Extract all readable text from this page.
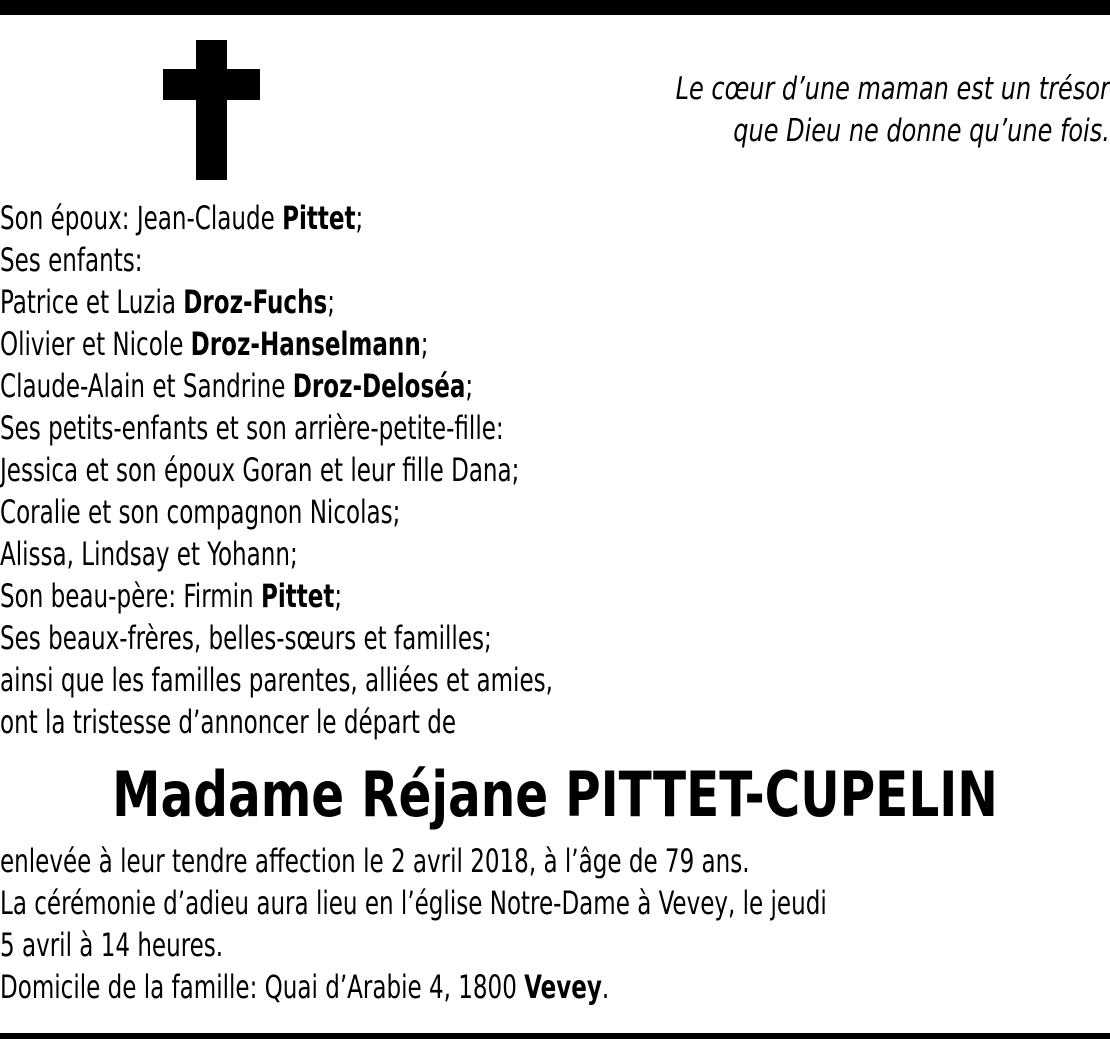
Le cœur d’une maman est un trésor
que Dieu ne donne qu’une fois.
Son époux: Jean-Claude Pittet;
Ses enfants:
Patrice et Luzia Droz-Fuchs;
Olivier et Nicole Droz-Hanselmann;
Claude-Alain et Sandrine Droz-Deloséa;
Ses petits-enfants et son arrière-petite-fille:
Jessica et son époux Goran et leur fille Dana;
Coralie et son compagnon Nicolas;
Alissa, Lindsay et Yohann;
Son beau-père: Firmin Pittet;
Ses beaux-frères, belles-sœurs et familles;
ainsi que les familles parentes, alliées et amies,
ont la tristesse d’annoncer le départ de
Madame Réjane PITTET-CUPELIN
enlevée à leur tendre affection le 2 avril 2018, à l’âge de 79 ans.
La cérémonie d’adieu aura lieu en l’église Notre-Dame à Vevey, le jeudi
5 avril à 14 heures.
Domicile de la famille: Quai d’Arabie 4, 1800 Vevey.
